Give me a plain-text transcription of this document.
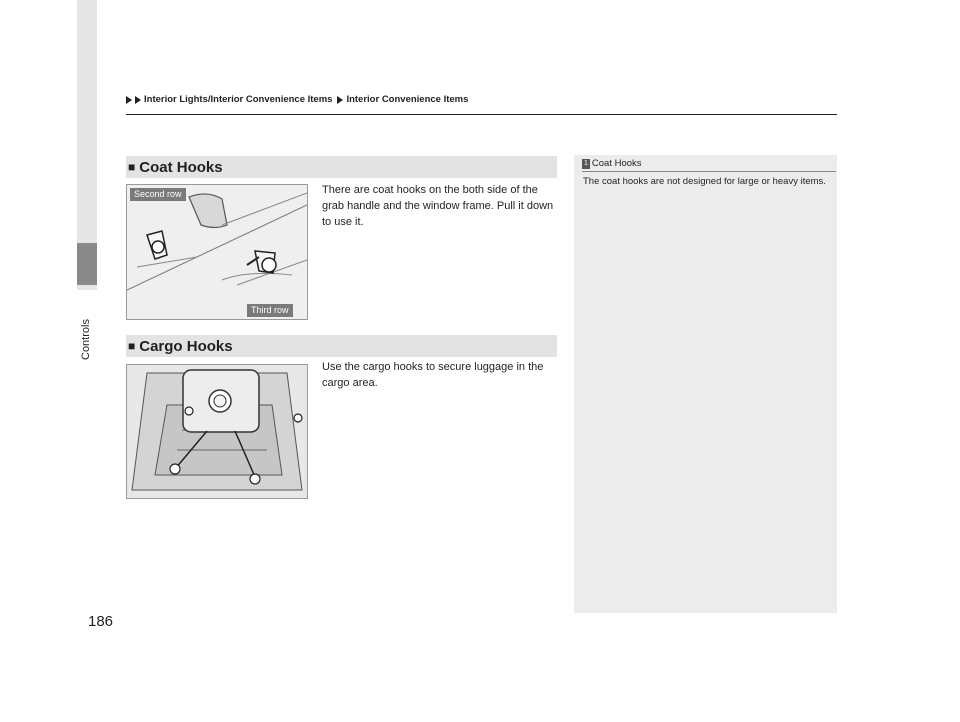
Controls
Interior Lights/Interior Convenience Items Interior Convenience Items
■ Coat Hooks
Second row
Third row
There are coat hooks on the both side of the grab handle and the window frame. Pull it down to use it.
■ Cargo Hooks
Use the cargo hooks to secure luggage in the cargo area.
1 Coat Hooks
The coat hooks are not designed for large or heavy items.
186
